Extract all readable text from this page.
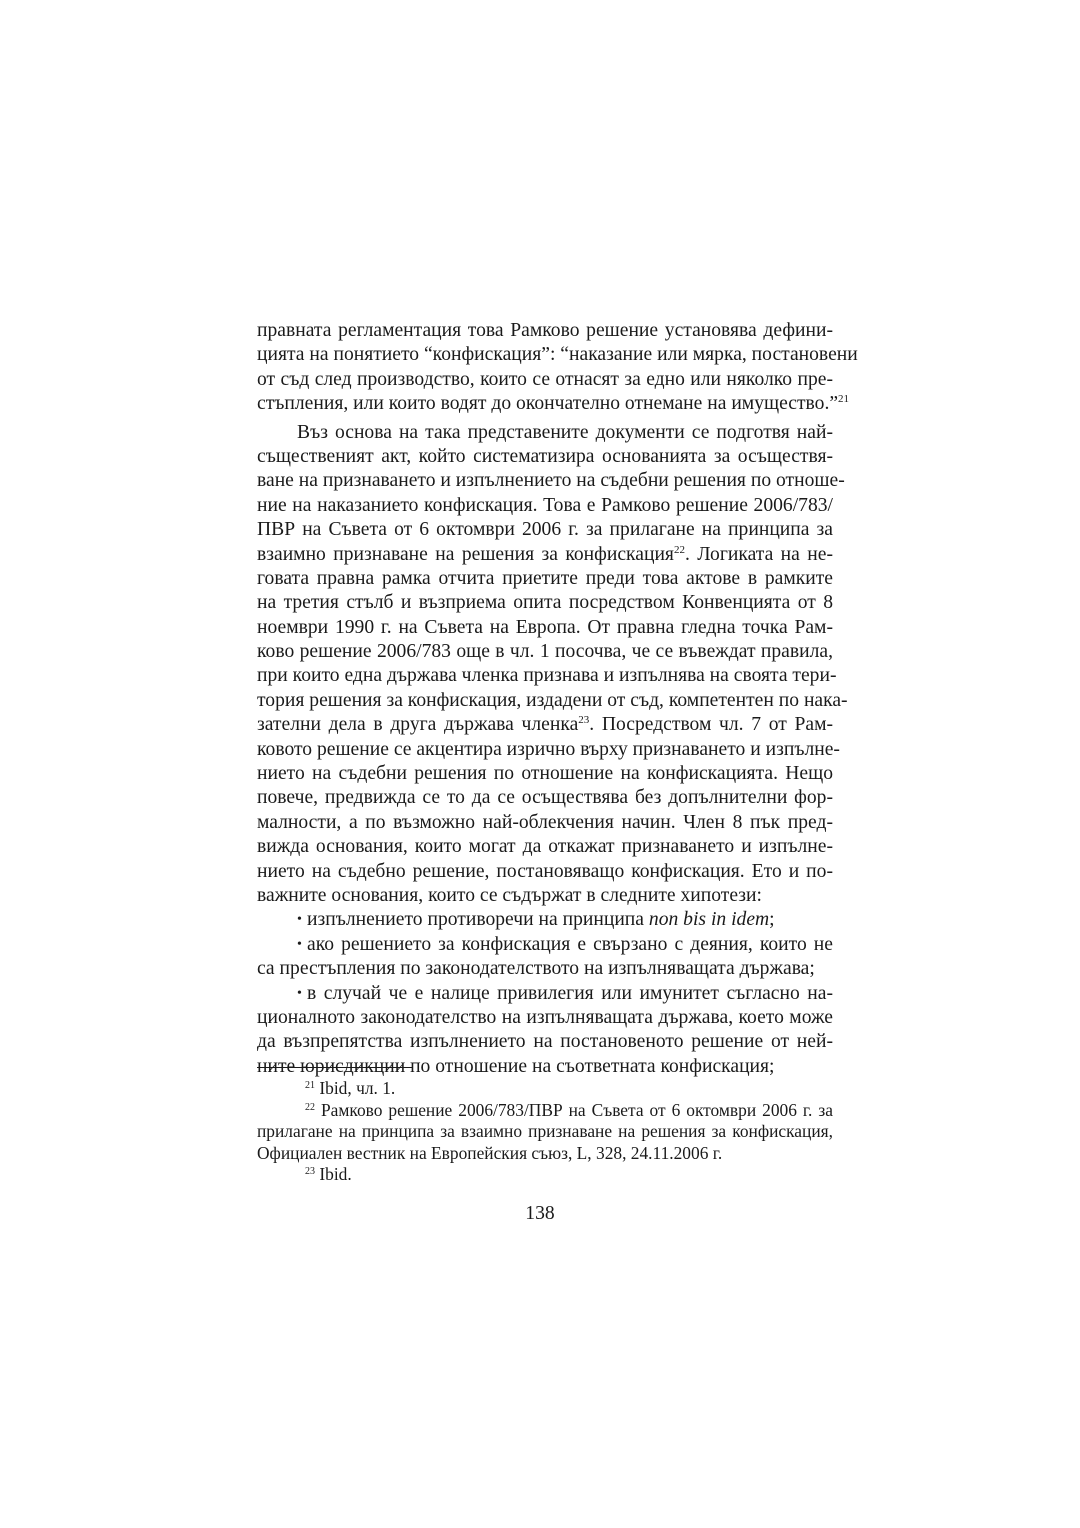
правната регламентация това Рамково решение установява дефини-
цията на понятието “конфискация”: “наказание или мярка, постановени
от съд след производство, които се отнасят за едно или няколко пре-
стъпления, или които водят до окончателно отнемане на имущество.”$^{21}$
Въз основа на така представените документи се подготвя най-
същественият акт, който систематизира основанията за осъществя-
ване на признаването и изпълнението на съдебни решения по отноше-
ние на наказанието конфискация. Това е Рамково решение 2006/783/
ПВР на Съвета от 6 октомври 2006 г. за прилагане на принципа за
взаимно признаване на решения за конфискация$^{22}$. Логиката на не-
говата правна рамка отчита приетите преди това актове в рамките
на третия стълб и възприема опита посредством Конвенцията от 8
ноември 1990 г. на Съвета на Европа. От правна гледна точка Рам-
ково решение 2006/783 още в чл. 1 посочва, че се въвеждат правила,
при които една държава членка признава и изпълнява на своята тери-
тория решения за конфискация, издадени от съд, компетентен по нака-
зателни дела в друга държава членка$^{23}$. Посредством чл. 7 от Рам-
ковото решение се акцентира изрично върху признаването и изпълне-
нието на съдебни решения по отношение на конфискацията. Нещо
повече, предвижда се то да се осъществява без допълнителни фор-
малности, а по възможно най-облекчения начин. Член 8 пък пред-
вижда основания, които могат да откажат признаването и изпълне-
нието на съдебно решение, постановяващо конфискация. Ето и по-
важните основания, които се съдържат в следните хипотези:
• изпълнението противоречи на принципа non bis in idem;
• ако решението за конфискация е свързано с деяния, които не
са престъпления по законодателството на изпълняващата държава;
• в случай че е налице привилегия или имунитет съгласно на-
ционалното законодателство на изпълняващата държава, което може
да възпрепятства изпълнението на постановеното решение от ней-
ните юрисдикции по отношение на съответната конфискация;
$^{21}$ Ibid, чл. 1.
$^{22}$ Рамково решение 2006/783/ПВР на Съвета от 6 октомври 2006 г. за
прилагане на принципа за взаимно признаване на решения за конфискация,
Официален вестник на Европейския съюз, L, 328, 24.11.2006 г.
$^{23}$ Ibid.
138
